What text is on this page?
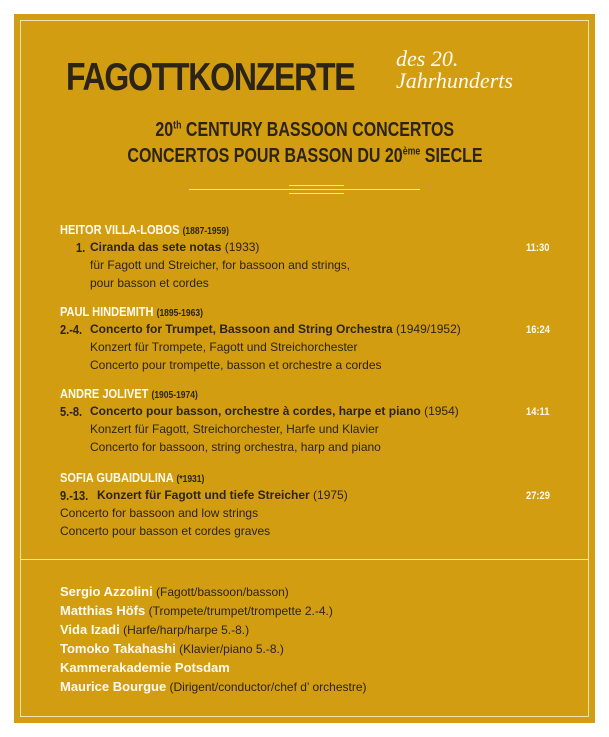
FAGOTTKONZERTE des 20.
Jahrhunderts
20th CENTURY BASSOON CONCERTOS
CONCERTOS POUR BASSON DU 20ème SIECLE
HEITOR VILLA-LOBOS (1887-1959)
1. Ciranda das sete notas (1933)	11:30
für Fagott und Streicher, for bassoon and strings,
pour basson et cordes
PAUL HINDEMITH (1895-1963)
2.-4. Concerto for Trumpet, Bassoon and String Orchestra (1949/1952)	16:24
Konzert für Trompete, Fagott und Streichorchester
Concerto pour trompette, basson et orchestre a cordes
ANDRE JOLIVET (1905-1974)
5.-8. Concerto pour basson, orchestre à cordes, harpe et piano (1954)	14:11
Konzert für Fagott, Streichorchester, Harfe und Klavier
Concerto for bassoon, string orchestra, harp and piano
SOFIA GUBAIDULINA (*1931)
9.-13. Konzert für Fagott und tiefe Streicher (1975)	27:29
Concerto for bassoon and low strings
Concerto pour basson et cordes graves
Sergio Azzolini (Fagott/bassoon/basson)
Matthias Höfs (Trompete/trumpet/trompette 2.-4.)
Vida Izadi (Harfe/harp/harpe 5.-8.)
Tomoko Takahashi (Klavier/piano 5.-8.)
Kammerakademie Potsdam
Maurice Bourgue (Dirigent/conductor/chef d’ orchestre)
